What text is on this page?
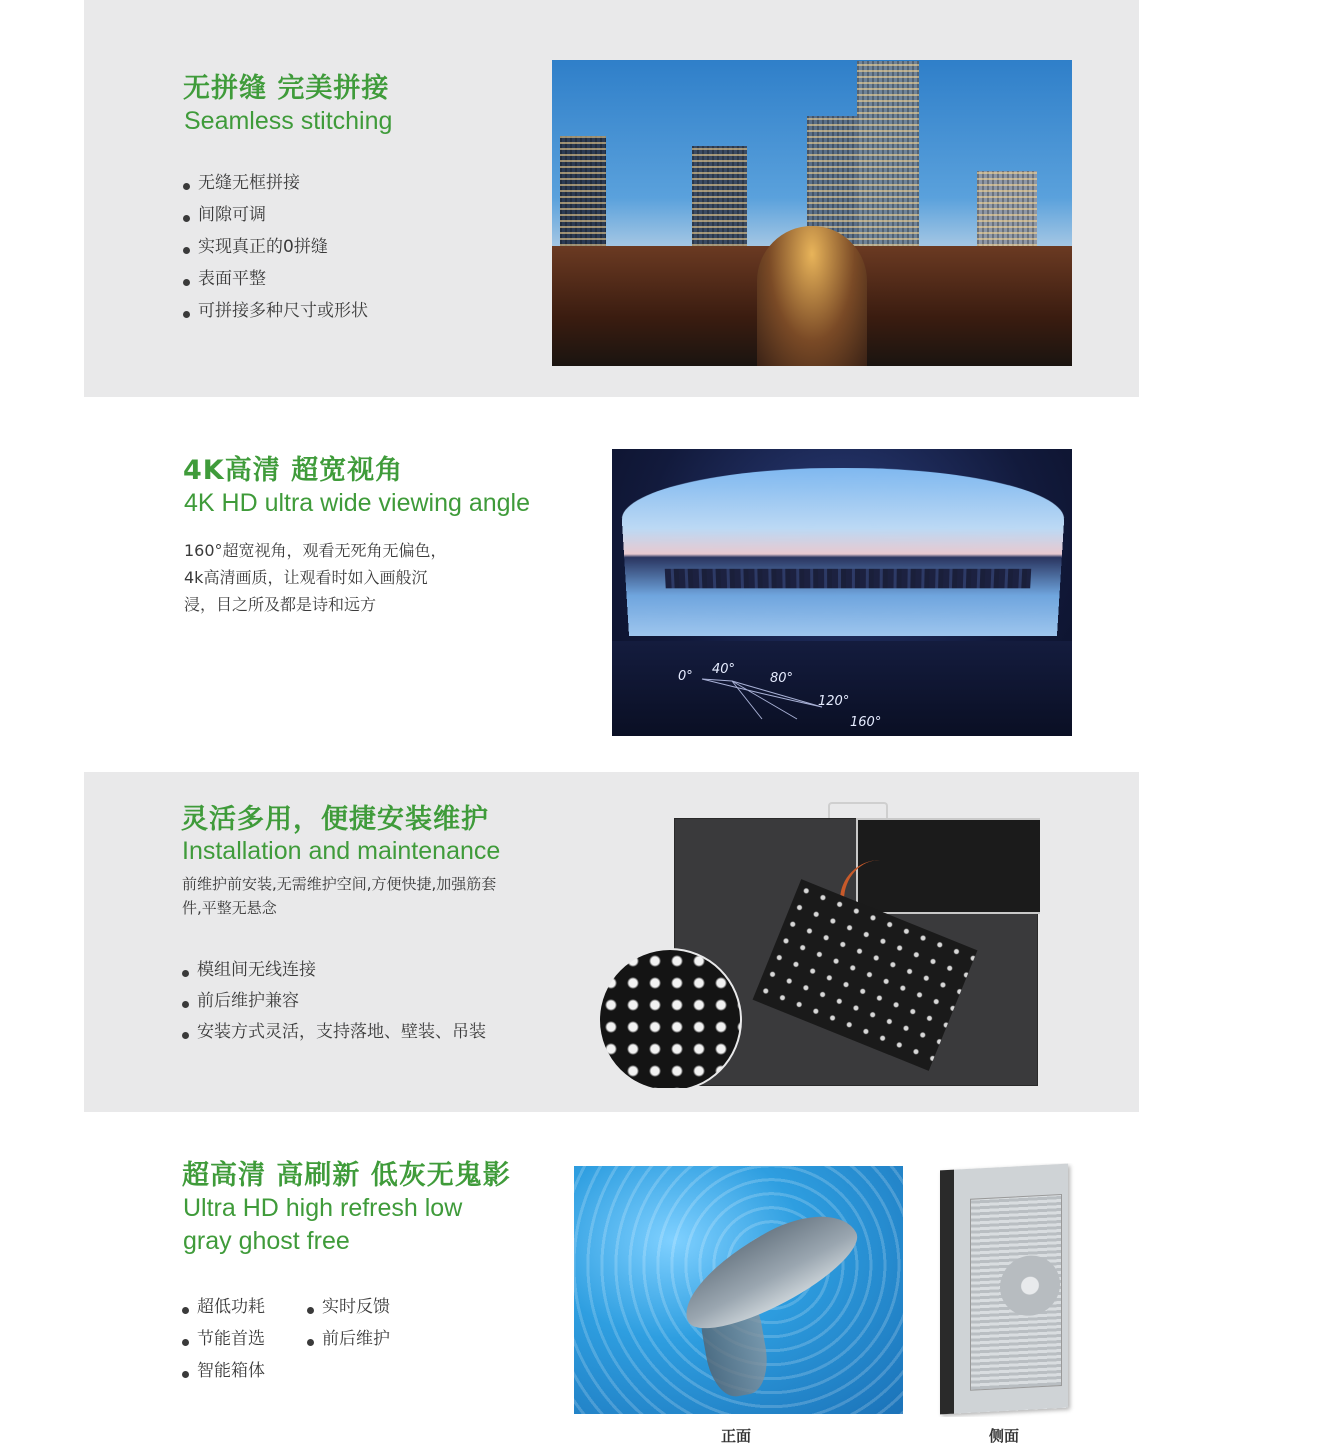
无拼缝 完美拼接
Seamless stitching
无缝无框拼接
间隙可调
实现真正的0拼缝
表面平整
可拼接多种尺寸或形状
4K高清 超宽视角
4K HD ultra wide viewing angle
160°超宽视角，观看无死角无偏色，
4k高清画质，让观看时如入画般沉
浸，目之所及都是诗和远方
0° 40°
80°
120°
160°
灵活多用，便捷安装维护
Installation and maintenance
前维护前安装,无需维护空间,方便快捷,加强筋套
件,平整无悬念
模组间无线连接
前后维护兼容
安装方式灵活，支持落地、壁装、吊装
超高清 高刷新 低灰无鬼影
Ultra HD high refresh low
gray ghost free
超低功耗
节能首选
智能箱体
实时反馈
前后维护
正面	侧面
